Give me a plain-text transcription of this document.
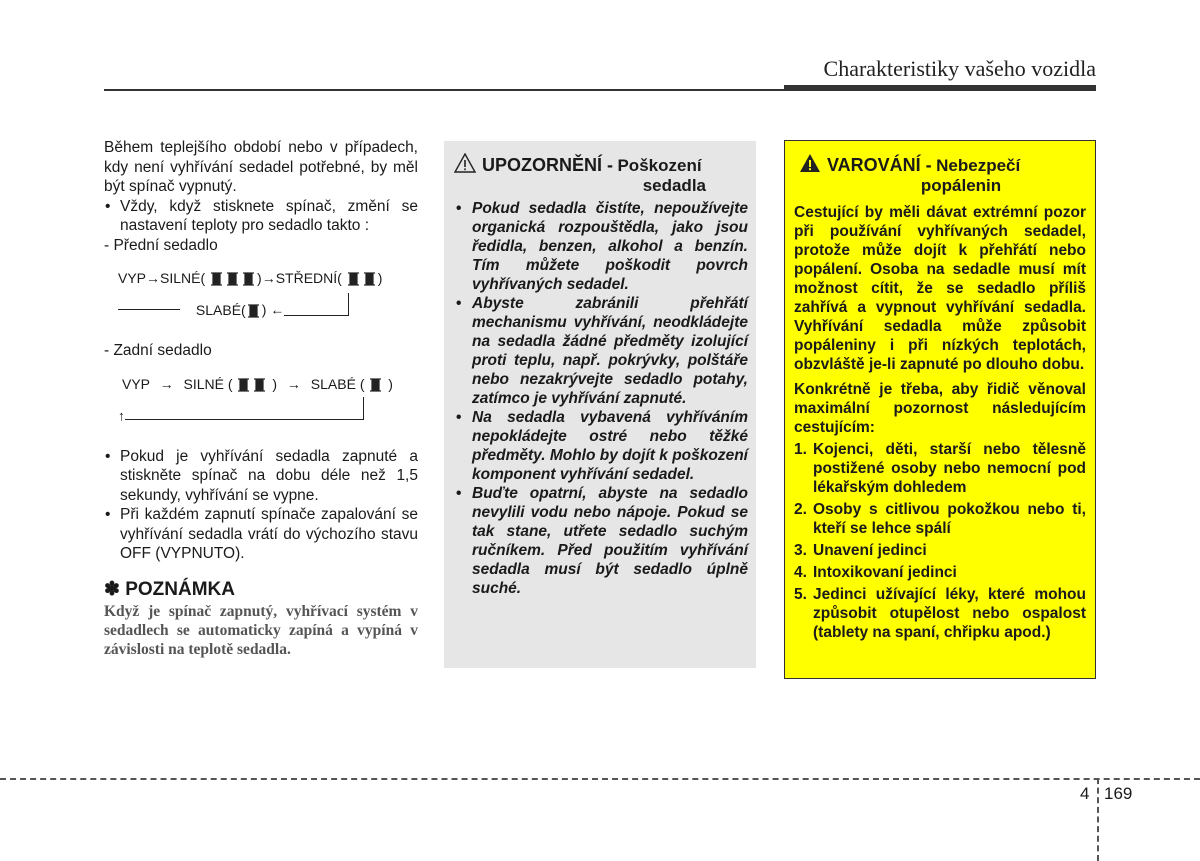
Charakteristiky vašeho vozidla
Během teplejšího období nebo v případech, kdy není vyhřívání sedadel potřebné, by měl být spínač vypnutý.
• Vždy, když stisknete spínač, změní se nastavení teploty pro sedadlo takto :
- Přední sedadlo
VYP→SILNÉ(	)→STŘEDNÍ(	)
SLABÉ( ) ←
- Zadní sedadlo
VYP → SILNÉ (	) → SLABÉ ( )
↑
• Pokud je vyhřívání sedadla zapnuté a stiskněte spínač na dobu déle než 1,5 sekundy, vyhřívání se vypne.
• Při každém zapnutí spínače zapalování se vyhřívání sedadla vrátí do výchozího stavu OFF (VYPNUTO).
✽ POZNÁMKA
Když je spínač zapnutý, vyhřívací systém v sedadlech se automaticky zapíná a vypíná v závislosti na teplotě sedadla.
UPOZORNĚNÍ - Poškození
sedadla
• Pokud sedadla čistíte, nepoužívejte organická rozpouštědla, jako jsou ředidla, benzen, alkohol a benzín. Tím můžete poškodit povrch vyhřívaných sedadel.
• Abyste zabránili přehřátí mechanismu vyhřívání, neodkládejte na sedadla žádné předměty izolující proti teplu, např. pokrývky, polštáře nebo nezakrývejte sedadlo potahy, zatímco je vyhřívání zapnuté.
• Na sedadla vybavená vyhříváním nepokládejte ostré nebo těžké předměty. Mohlo by dojít k poškození komponent vyhřívání sedadel.
• Buďte opatrní, abyste na sedadlo nevylili vodu nebo nápoje. Pokud se tak stane, utřete sedadlo suchým ručníkem. Před použitím vyhřívání sedadla musí být sedadlo úplně suché.
VAROVÁNÍ - Nebezpečí
popálenin

Cestující by měli dávat extrémní pozor při používání vyhřívaných sedadel, protože může dojít k přehřátí nebo popálení. Osoba na sedadle musí mít možnost cítit, že se sedadlo příliš zahřívá a vypnout vyhřívání sedadla. Vyhřívání sedadla může způsobit popáleniny i při nízkých teplotách, obzvláště je-li zapnuté po dlouho dobu.

Konkrétně je třeba, aby řidič věnoval maximální pozornost následujícím cestujícím:

1. Kojenci, děti, starší nebo tělesně postižené osoby nebo nemocní pod lékařským dohledem
2. Osoby s citlivou pokožkou nebo ti, kteří se lehce spálí
3. Unavení jedinci
4. Intoxikovaní jedinci
5. Jedinci užívající léky, které mohou způsobit otupělost nebo ospalost (tablety na spaní, chřipku apod.)
4 169
